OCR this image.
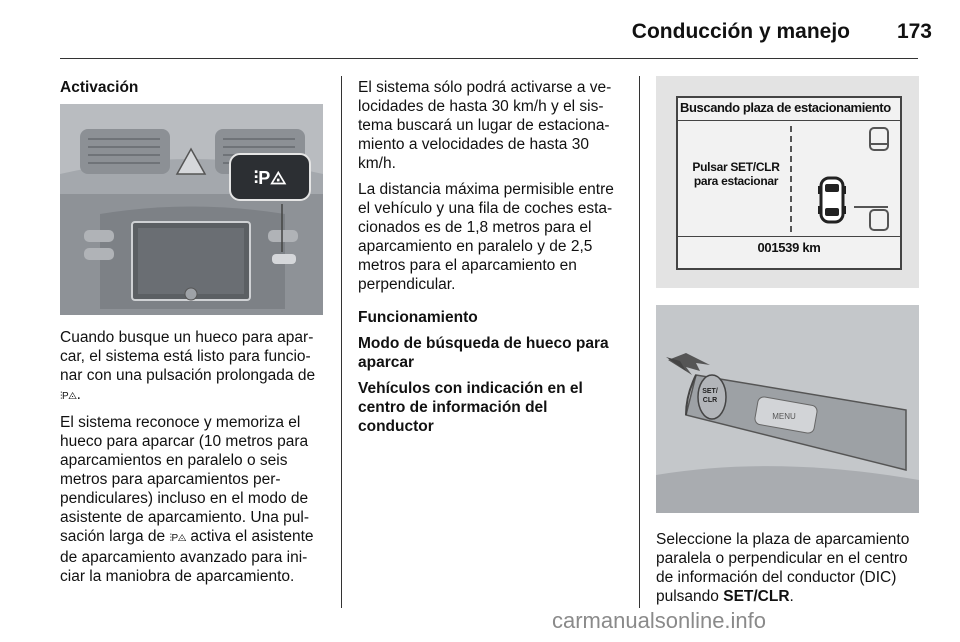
Conducción y manejo	173

Activación

⫶P◬

Cuando busque un hueco para apar-car, el sistema está listo para funcio-nar con una pulsación prolongada de ⫶P◬.

El sistema reconoce y memoriza el hueco para aparcar (10 metros para aparcamientos en paralelo o seis metros para aparcamientos per-pendiculares) incluso en el modo de asistente de aparcamiento. Una pul-sación larga de ⫶P◬ activa el asistente de aparcamiento avanzado para ini-ciar la maniobra de aparcamiento.

El sistema sólo podrá activarse a ve-locidades de hasta 30 km/h y el sis-tema buscará un lugar de estaciona-miento a velocidades de hasta 30 km/h.

La distancia máxima permisible entre el vehículo y una fila de coches esta-cionados es de 1,8 metros para el aparcamiento en paralelo y de 2,5 metros para el aparcamiento en perpendicular.

Funcionamiento

Modo de búsqueda de hueco para aparcar

Vehículos con indicación en el centro de información del conductor

Buscando plaza de estacionamiento
Pulsar SET/CLR
para estacionar
001539 km
SET/
CLR
MENU

Seleccione la plaza de aparcamiento paralela o perpendicular en el centro de información del conductor (DIC) pulsando SET/CLR.

carmanualsonline.info
